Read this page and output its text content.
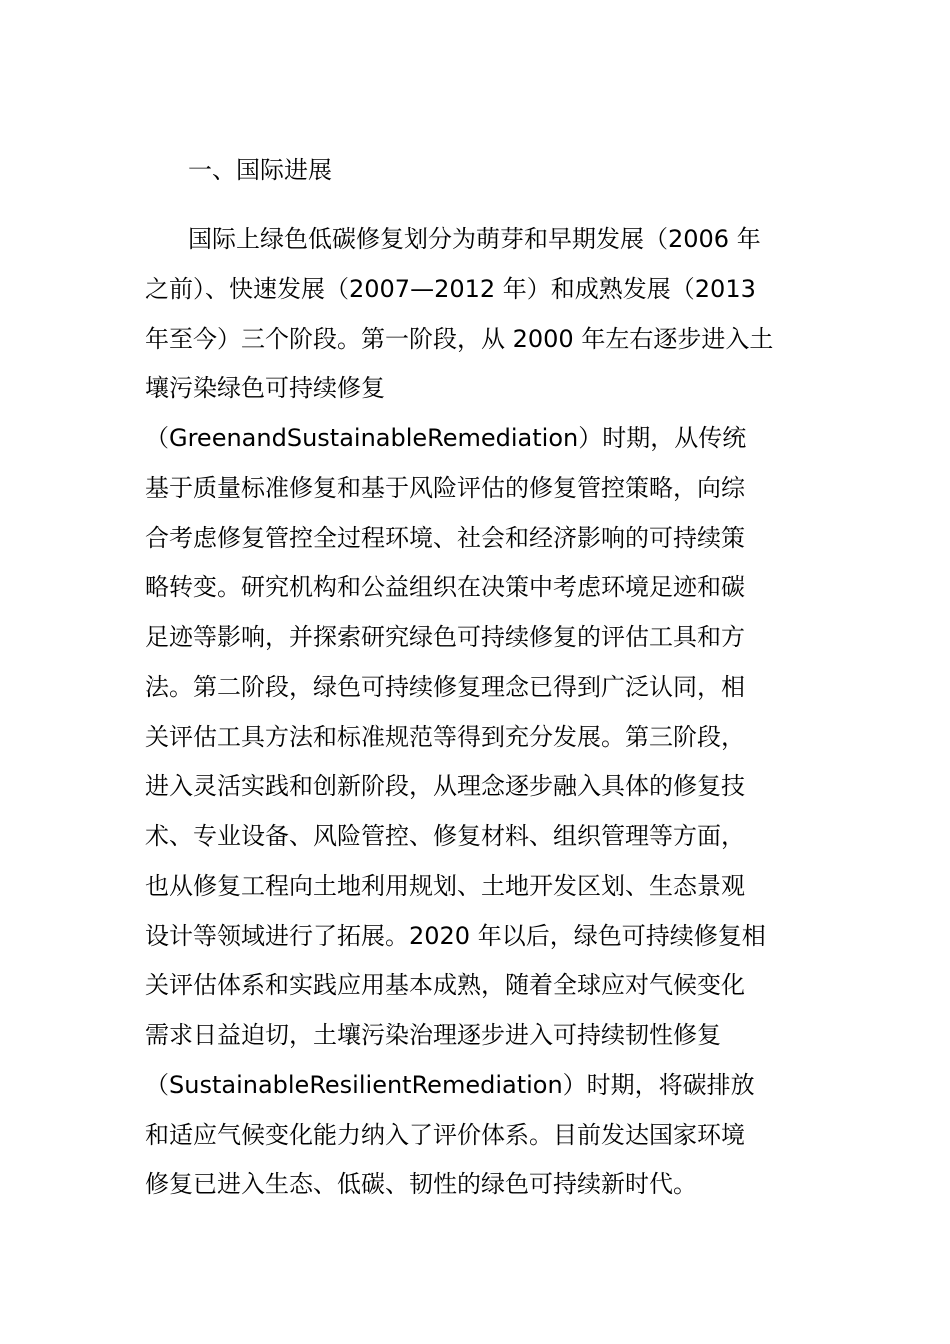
一、国际进展
国际上绿色低碳修复划分为萌芽和早期发展（2006 年
之前）、快速发展（2007—2012 年）和成熟发展（2013
年至今）三个阶段。第一阶段，从 2000 年左右逐步进入土
壤污染绿色可持续修复
（GreenandSustainableRemediation）时期，从传统
基于质量标准修复和基于风险评估的修复管控策略，向综
合考虑修复管控全过程环境、社会和经济影响的可持续策
略转变。研究机构和公益组织在决策中考虑环境足迹和碳
足迹等影响，并探索研究绿色可持续修复的评估工具和方
法。第二阶段，绿色可持续修复理念已得到广泛认同，相
关评估工具方法和标准规范等得到充分发展。第三阶段，
进入灵活实践和创新阶段，从理念逐步融入具体的修复技
术、专业设备、风险管控、修复材料、组织管理等方面，
也从修复工程向土地利用规划、土地开发区划、生态景观
设计等领域进行了拓展。2020 年以后，绿色可持续修复相
关评估体系和实践应用基本成熟，随着全球应对气候变化
需求日益迫切，土壤污染治理逐步进入可持续韧性修复
（SustainableResilientRemediation）时期，将碳排放
和适应气候变化能力纳入了评价体系。目前发达国家环境
修复已进入生态、低碳、韧性的绿色可持续新时代。
